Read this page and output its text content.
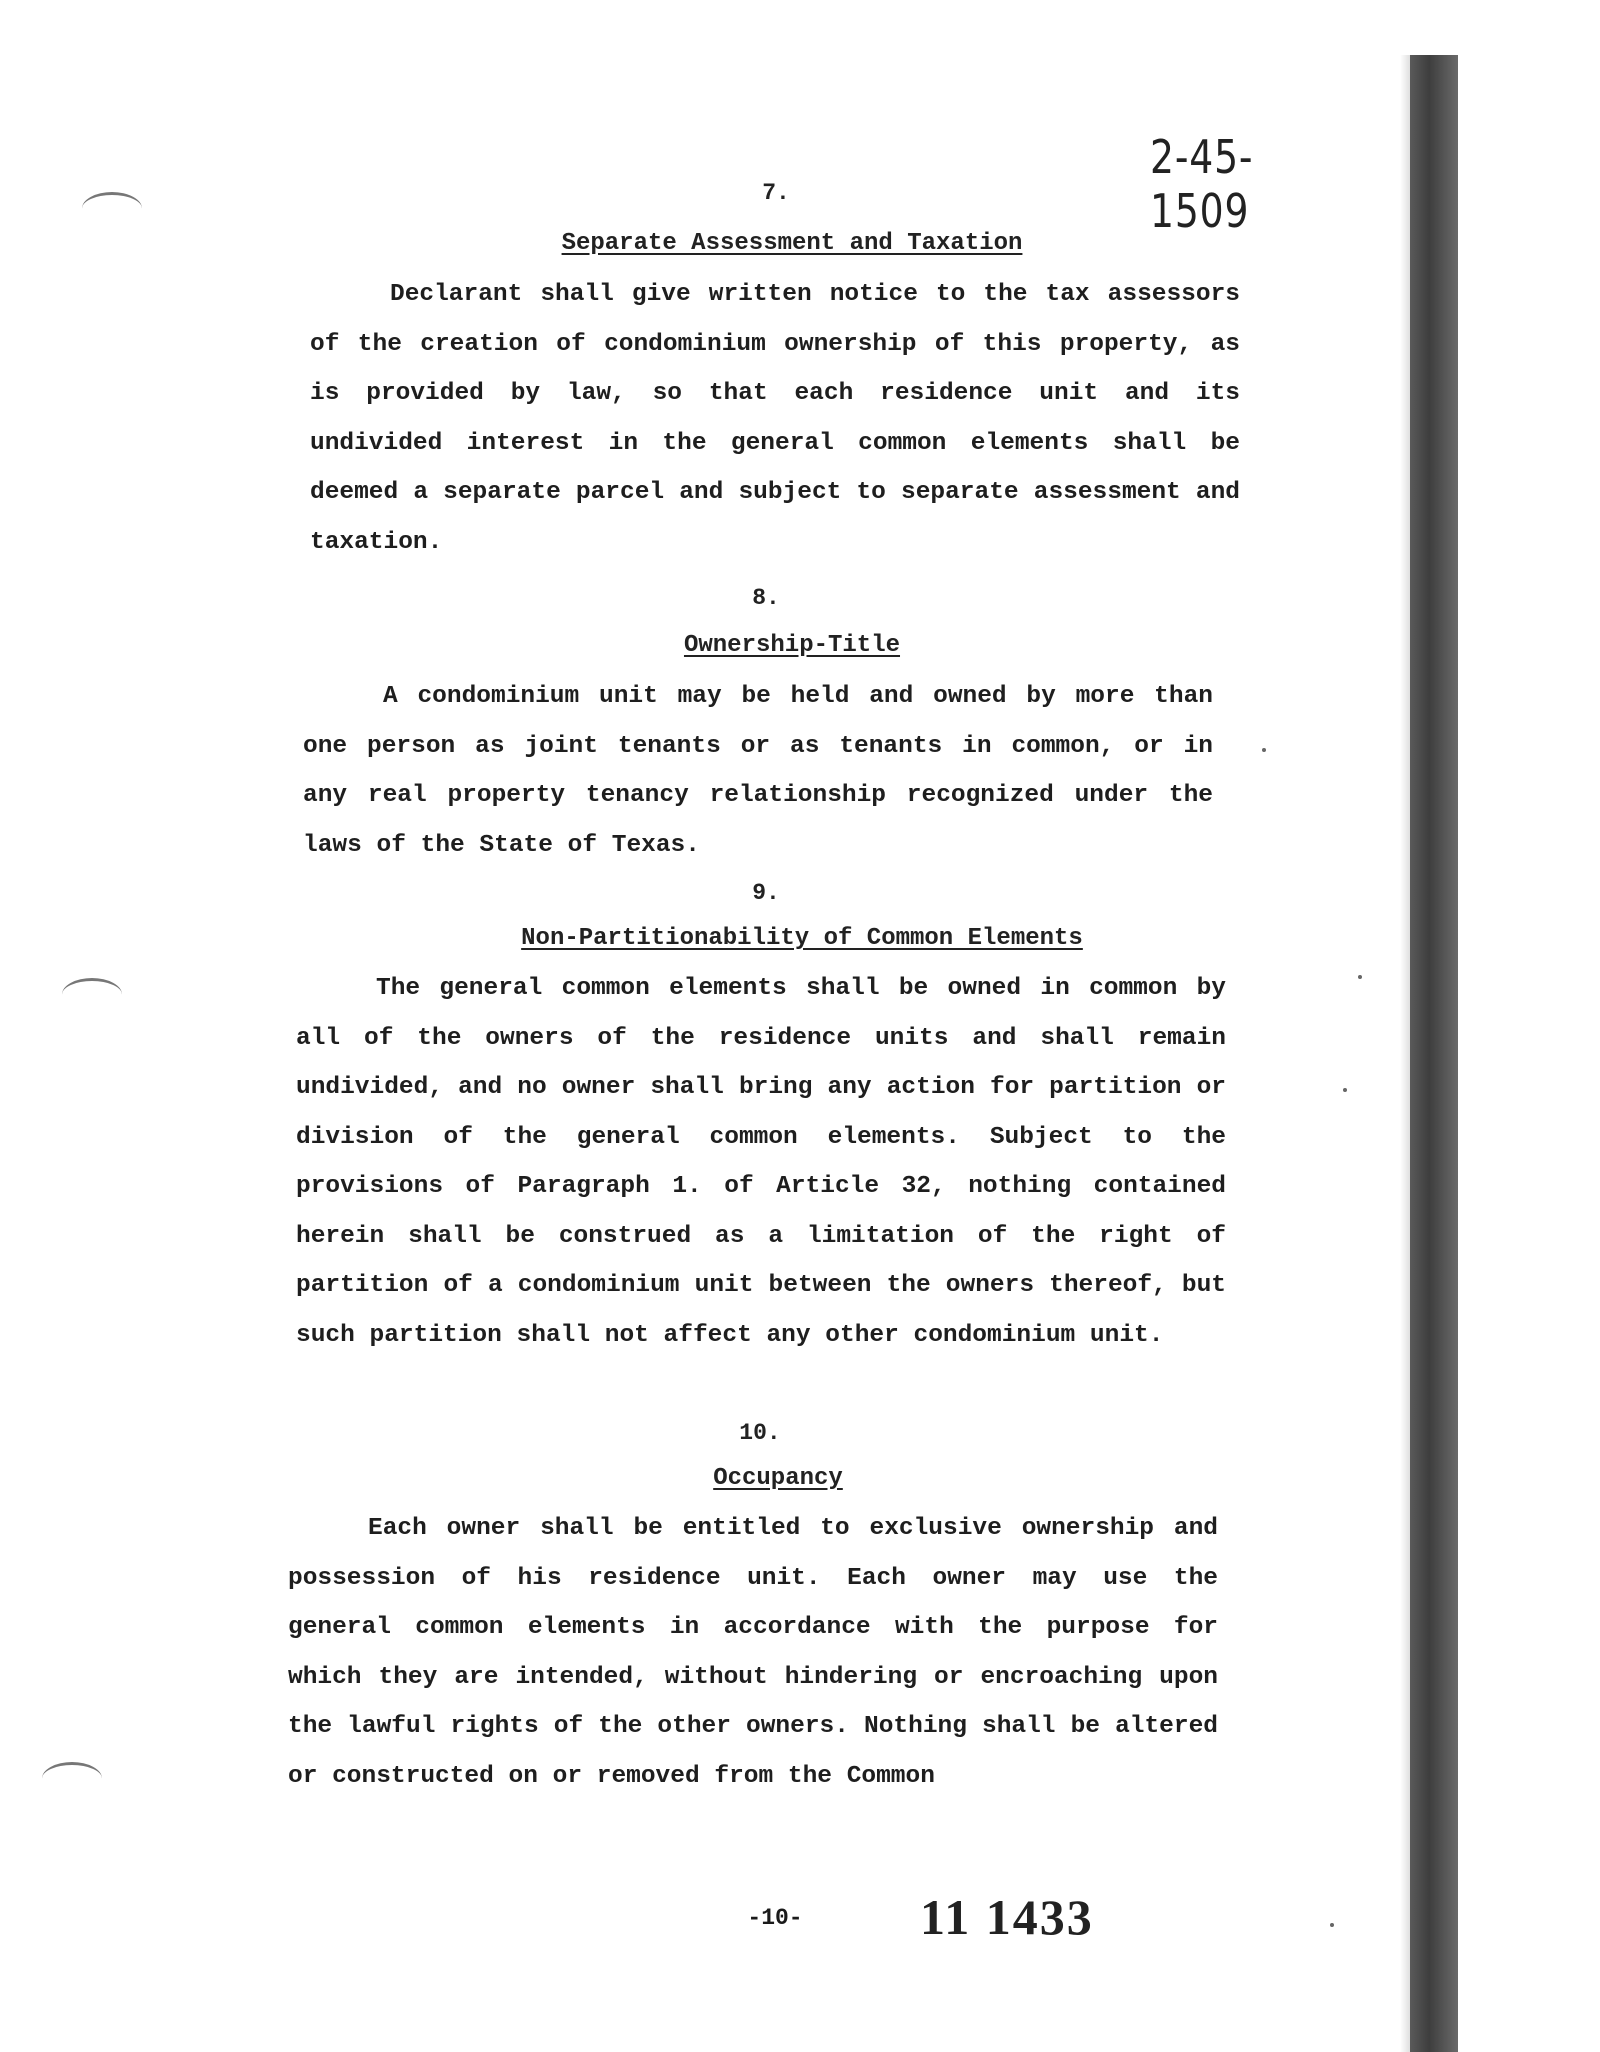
2-45-1509
7.
Separate Assessment and Taxation

Declarant shall give written notice to the tax assessors of the creation of condominium ownership of this property, as is provided by law, so that each residence unit and its undivided interest in the general common elements shall be deemed a separate parcel and subject to separate assessment and taxation.

8.
Ownership-Title

A condominium unit may be held and owned by more than one person as joint tenants or as tenants in common, or in any real property tenancy relationship recognized under the laws of the State of Texas.

9.
Non-Partitionability of Common Elements

The general common elements shall be owned in common by all of the owners of the residence units and shall remain undivided, and no owner shall bring any action for partition or division of the general common elements. Subject to the provisions of Paragraph 1. of Article 32, nothing contained herein shall be construed as a limitation of the right of partition of a condominium unit between the owners thereof, but such partition shall not affect any other condominium unit.

10.
Occupancy

Each owner shall be entitled to exclusive ownership and possession of his residence unit. Each owner may use the general common elements in accordance with the purpose for which they are intended, without hindering or encroaching upon the lawful rights of the other owners. Nothing shall be altered or constructed on or removed from the Common

-10-	11 1433
